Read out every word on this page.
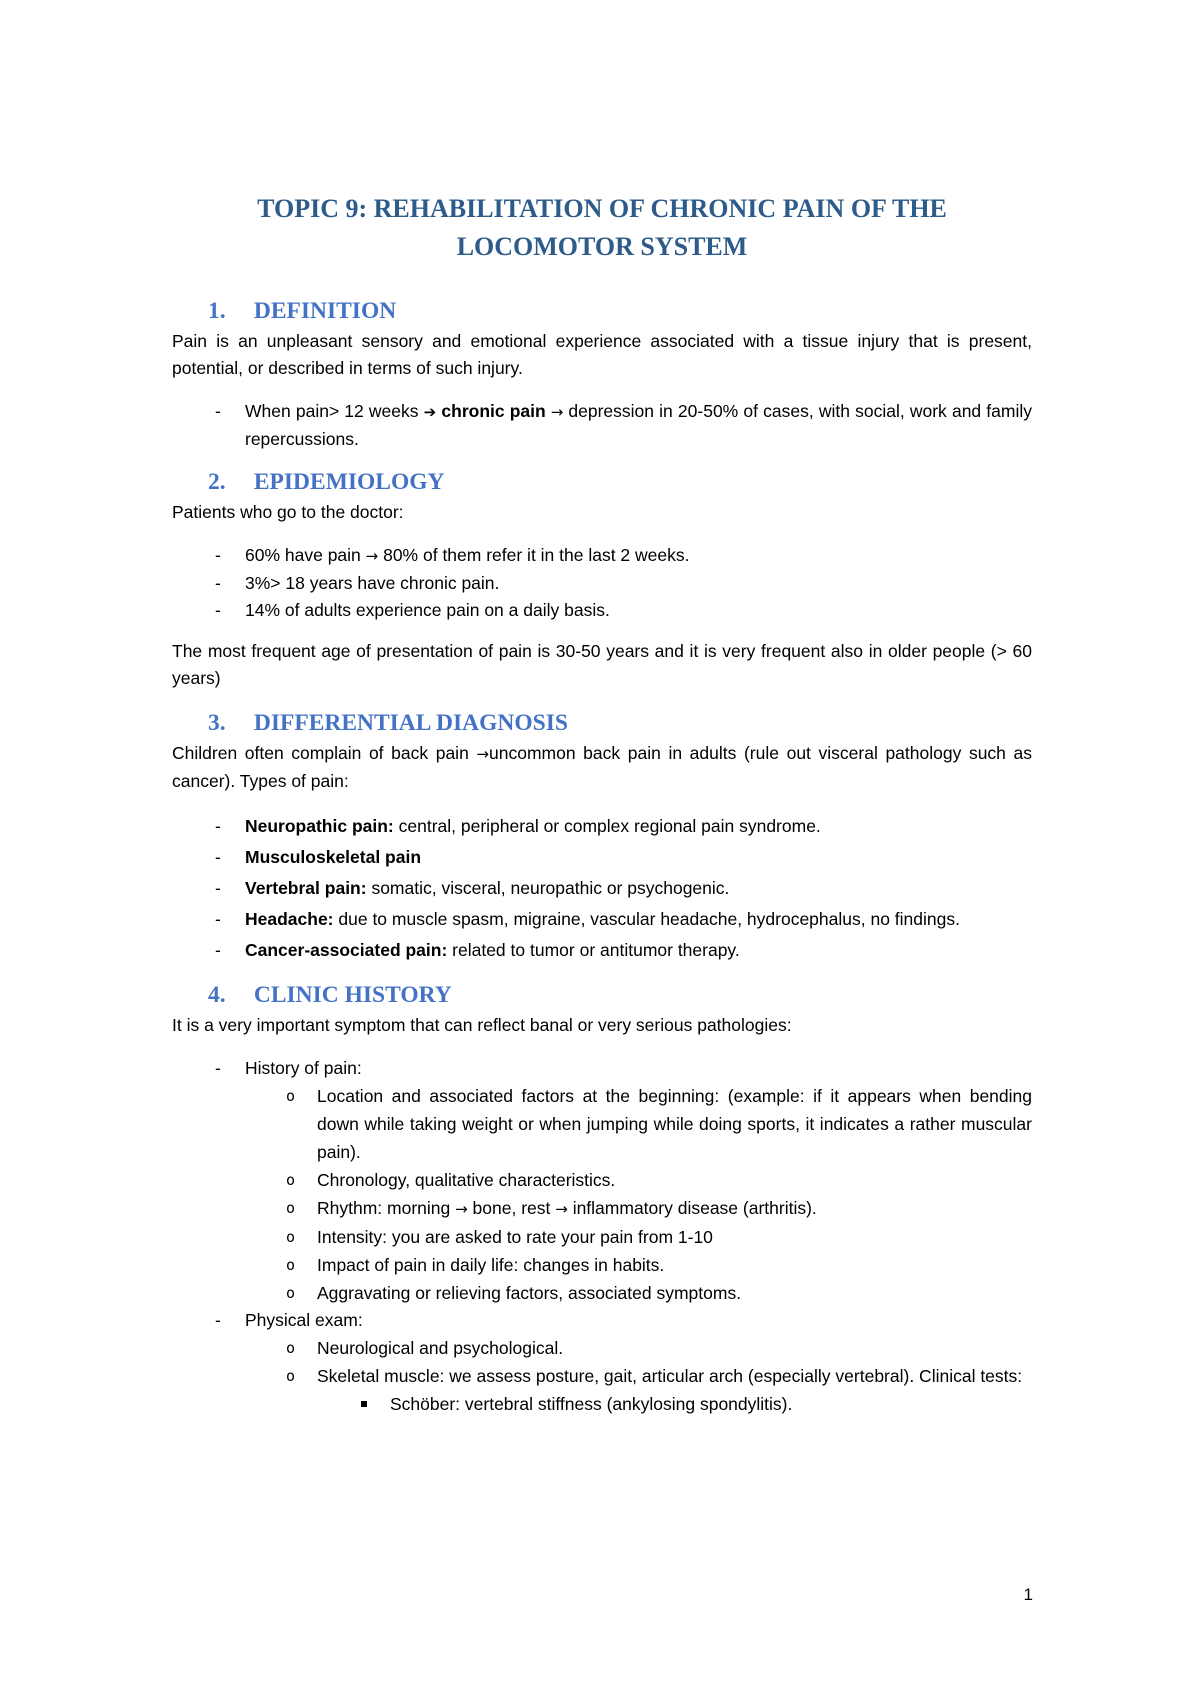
TOPIC 9: REHABILITATION OF CHRONIC PAIN OF THE LOCOMOTOR SYSTEM
1. DEFINITION

Pain is an unpleasant sensory and emotional experience associated with a tissue injury that is present, potential, or described in terms of such injury.

- When pain> 12 weeks ➔ chronic pain → depression in 20-50% of cases, with social, work and family repercussions.
2. EPIDEMIOLOGY

Patients who go to the doctor:

- 60% have pain → 80% of them refer it in the last 2 weeks.
- 3%> 18 years have chronic pain.
- 14% of adults experience pain on a daily basis.

The most frequent age of presentation of pain is 30-50 years and it is very frequent also in older people (> 60 years)

3. DIFFERENTIAL DIAGNOSIS

Children often complain of back pain →uncommon back pain in adults (rule out visceral pathology such as cancer). Types of pain:

- Neuropathic pain: central, peripheral or complex regional pain syndrome.
- Musculoskeletal pain
- Vertebral pain: somatic, visceral, neuropathic or psychogenic.
- Headache: due to muscle spasm, migraine, vascular headache, hydrocephalus, no findings.
- Cancer-associated pain: related to tumor or antitumor therapy.
4. CLINIC HISTORY

It is a very important symptom that can reflect banal or very serious pathologies:

- History of pain:
o Location and associated factors at the beginning: (example: if it appears when bending down while taking weight or when jumping while doing sports, it indicates a rather muscular pain).
o Chronology, qualitative characteristics.
o Rhythm: morning → bone, rest → inflammatory disease (arthritis).
o Intensity: you are asked to rate your pain from 1-10
o Impact of pain in daily life: changes in habits.
o Aggravating or relieving factors, associated symptoms.
- Physical exam:
o Neurological and psychological.
o Skeletal muscle: we assess posture, gait, articular arch (especially vertebral). Clinical tests:
Schöber: vertebral stiffness (ankylosing spondylitis).
1
